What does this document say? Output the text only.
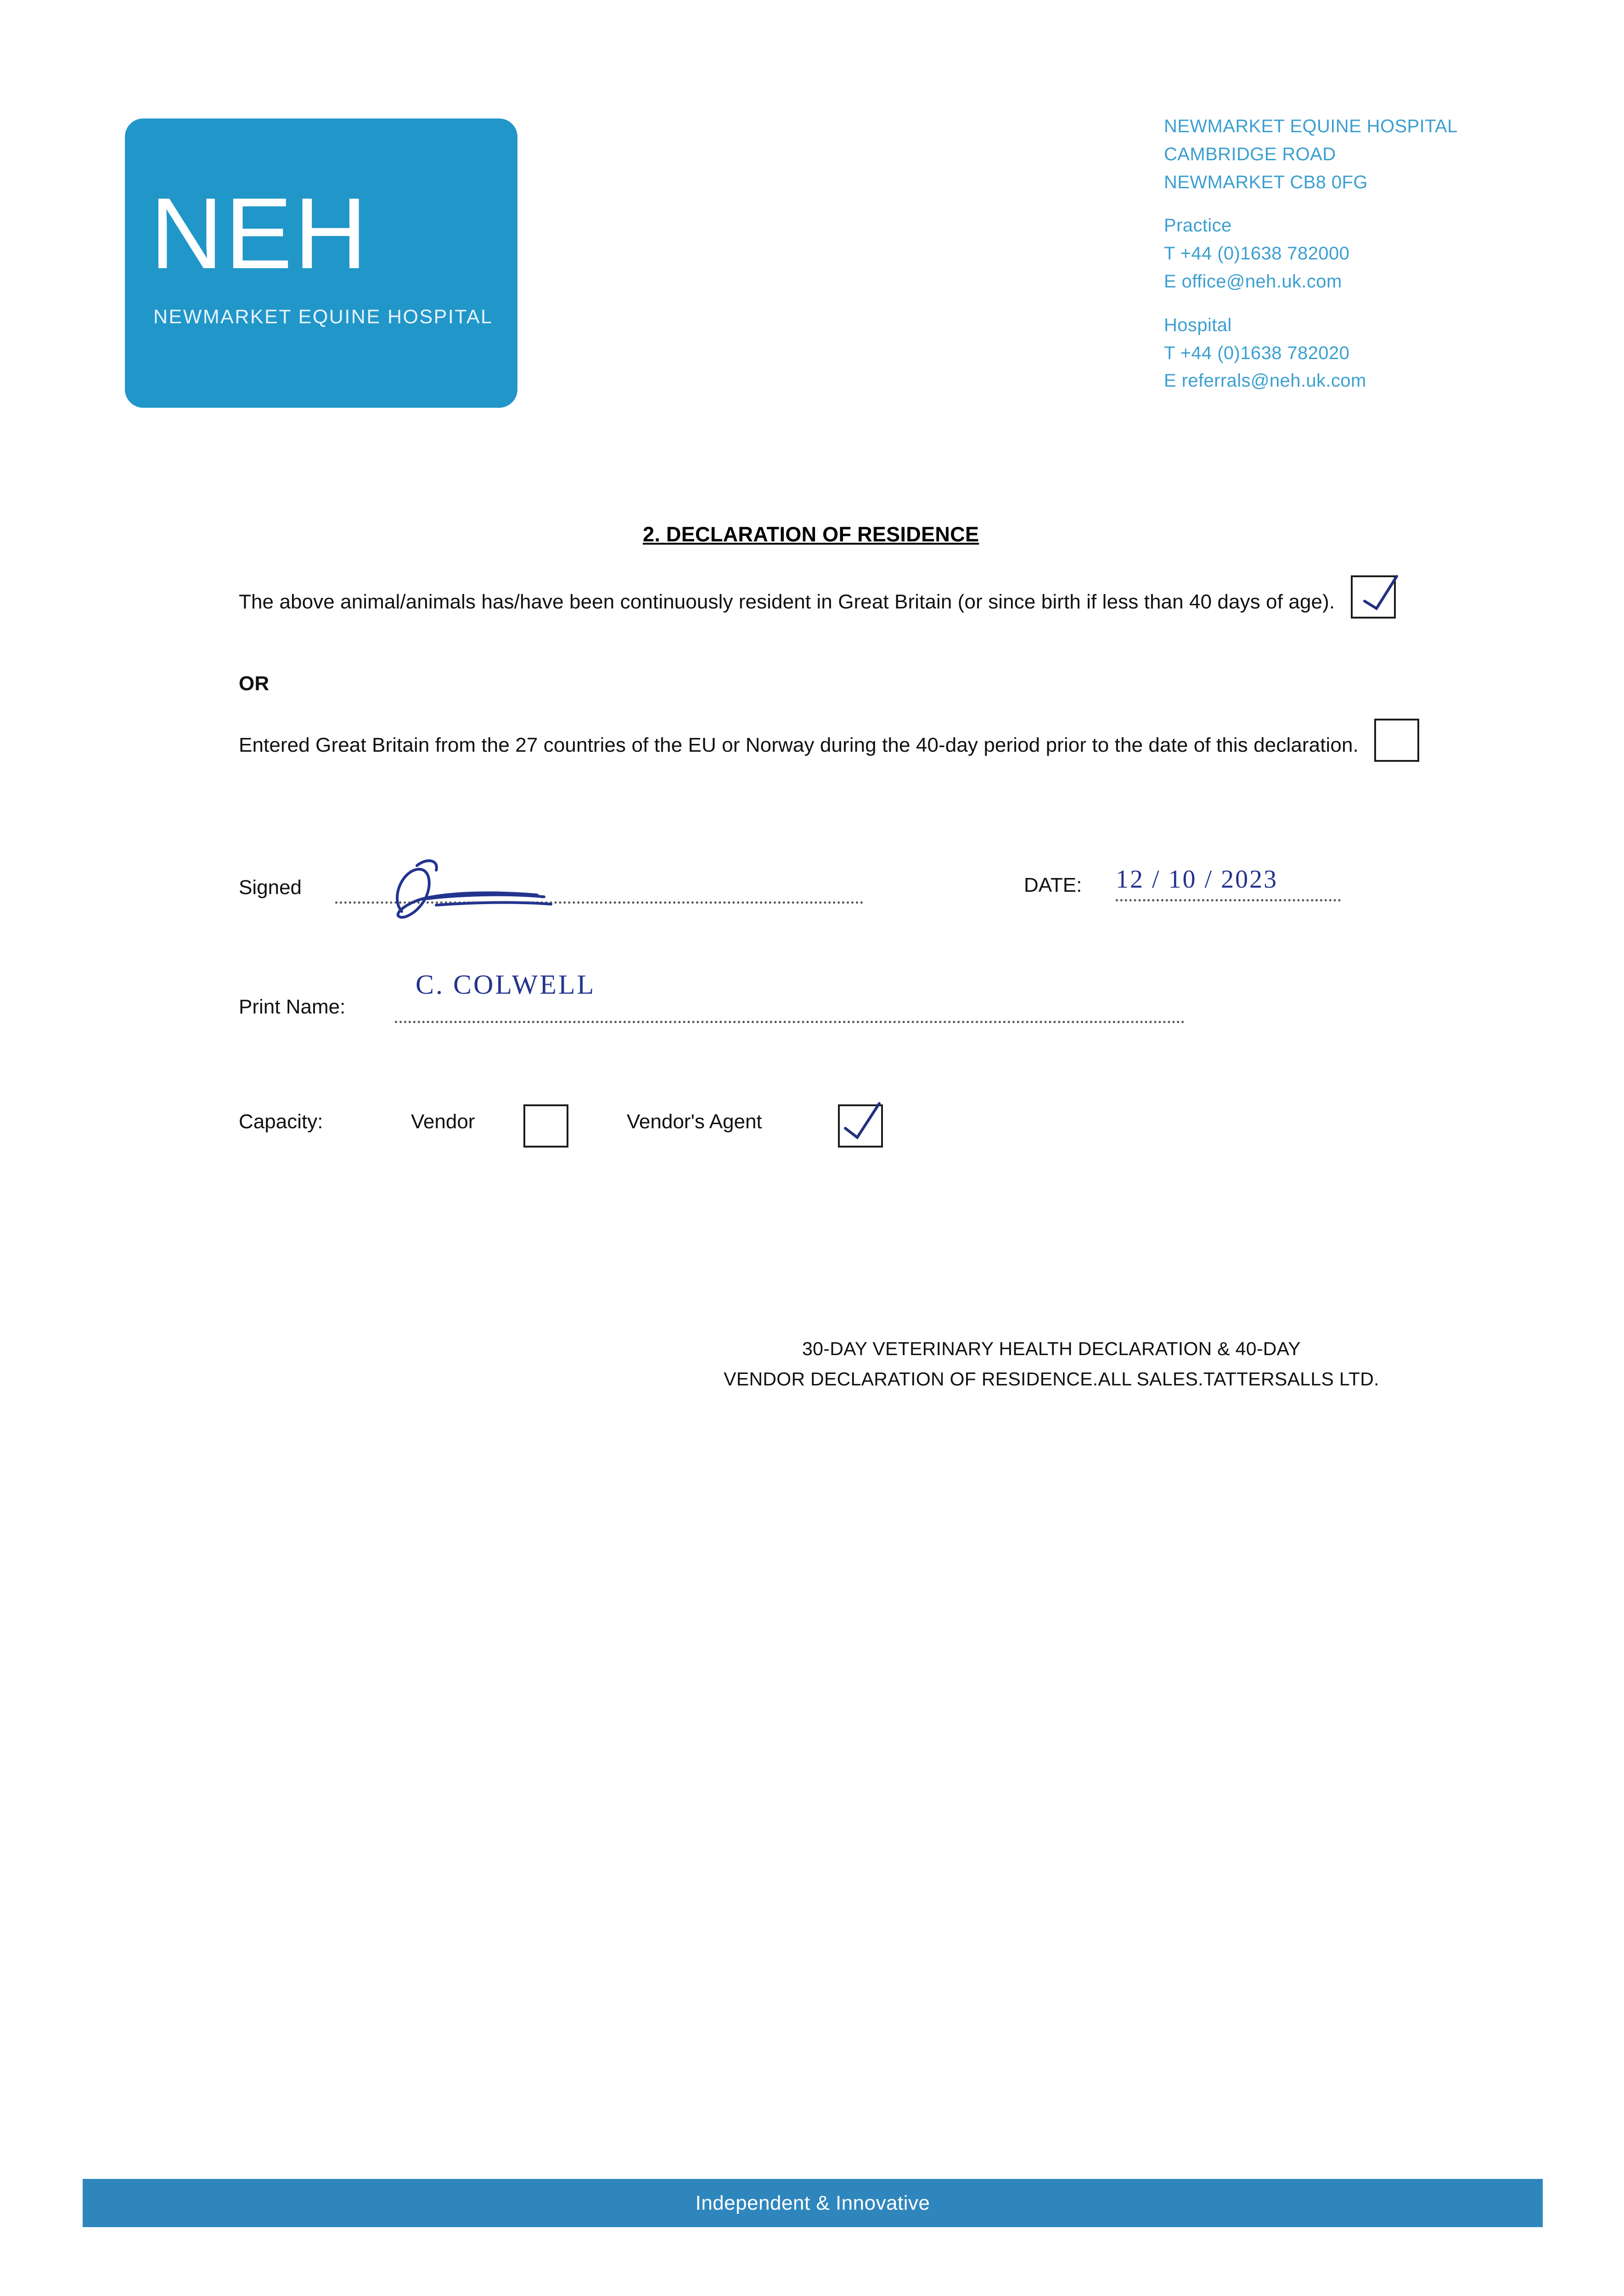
NEH
NEWMARKET EQUINE HOSPITAL
NEWMARKET EQUINE HOSPITAL
CAMBRIDGE ROAD
NEWMARKET CB8 0FG
Practice
T +44 (0)1638 782000
E office@neh.uk.com
Hospital
T +44 (0)1638 782020
E referrals@neh.uk.com
2. DECLARATION OF RESIDENCE
The above animal/animals has/have been continuously resident in Great Britain (or since birth if less than 40 days of age).
OR
Entered Great Britain from the 27 countries of the EU or Norway during the 40-day period prior to the date of this declaration.
Signed	DATE: 12 / 10 / 2023
Print Name:
C. COLWELL
Capacity:	Vendor	Vendor's Agent
30-DAY VETERINARY HEALTH DECLARATION & 40-DAY
VENDOR DECLARATION OF RESIDENCE.ALL SALES.TATTERSALLS LTD.
Independent & Innovative
